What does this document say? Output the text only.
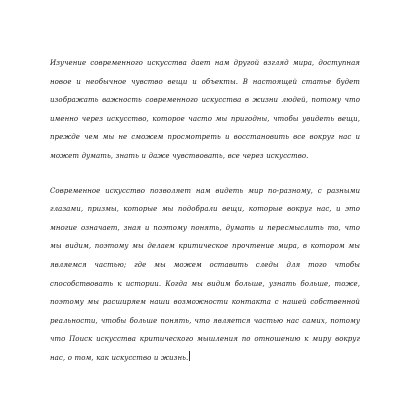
Изучение современного искусства дает нам другой взгляд мира, доступная новое и необычное чувство вещи и объекты. В настоящей статье будет изображать важность современного искусства в жизни людей, потому что именно через искусство, которое часто мы пригодны, чтобы увидеть вещи, прежде чем мы не сможем просмотреть и восстановить все вокруг нас и может думать, знать и даже чувствовать, все через искусство.

Современное искусство позволяет нам видеть мир по-разному, с разными глазами, призмы, которые мы подобрали вещи, которые вокруг нас, и это многие означает, зная и поэтому понять, думать и пересмыслить то, что мы видим, поэтому мы делаем критическое прочтение мира, в котором мы являемся частью; где мы можем оставить следы для того чтобы способствовать к истории. Когда мы видим больше, узнать больше, тоже, поэтому мы расширяем наши возможности контакта с нашей собственной реальности, чтобы больше понять, что является частью нас самих, потому что Поиск искусства критического мышления по отношению к миру вокруг нас, о том, как искусство и жизнь.
